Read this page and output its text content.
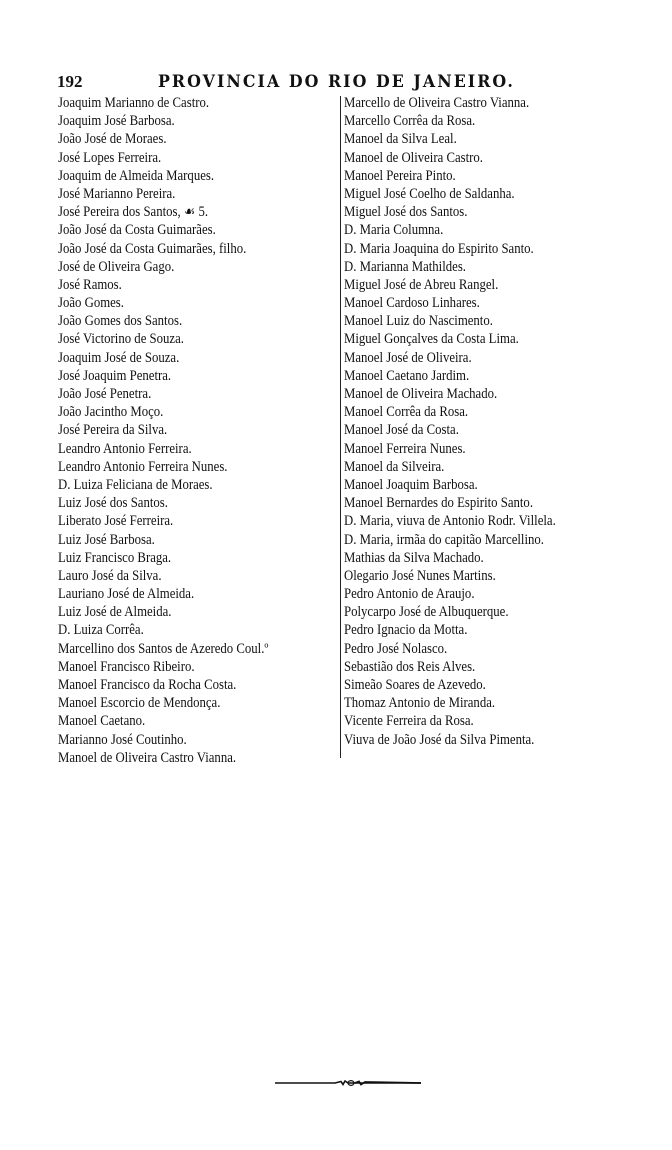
192	PROVINCIA DO RIO DE JANEIRO.
Joaquim Marianno de Castro.
Joaquim José Barbosa.
João José de Moraes.
José Lopes Ferreira.
Joaquim de Almeida Marques.
José Marianno Pereira.
José Pereira dos Santos, ☙ 5.
João José da Costa Guimarães.
João José da Costa Guimarães, filho.
José de Oliveira Gago.
José Ramos.
João Gomes.
João Gomes dos Santos.
José Victorino de Souza.
Joaquim José de Souza.
José Joaquim Penetra.
João José Penetra.
João Jacintho Moço.
José Pereira da Silva.
Leandro Antonio Ferreira.
Leandro Antonio Ferreira Nunes.
D. Luiza Feliciana de Moraes.
Luiz José dos Santos.
Liberato José Ferreira.
Luiz José Barbosa.
Luiz Francisco Braga.
Lauro José da Silva.
Lauriano José de Almeida.
Luiz José de Almeida.
D. Luiza Corrêa.
Marcellino dos Santos de Azeredo Coul.º
Manoel Francisco Ribeiro.
Manoel Francisco da Rocha Costa.
Manoel Escorcio de Mendonça.
Manoel Caetano.
Marianno José Coutinho.
Manoel de Oliveira Castro Vianna.
Marcello de Oliveira Castro Vianna.
Marcello Corrêa da Rosa.
Manoel da Silva Leal.
Manoel de Oliveira Castro.
Manoel Pereira Pinto.
Miguel José Coelho de Saldanha.
Miguel José dos Santos.
D. Maria Columna.
D. Maria Joaquina do Espirito Santo.
D. Marianna Mathildes.
Miguel José de Abreu Rangel.
Manoel Cardoso Linhares.
Manoel Luiz do Nascimento.
Miguel Gonçalves da Costa Lima.
Manoel José de Oliveira.
Manoel Caetano Jardim.
Manoel de Oliveira Machado.
Manoel Corrêa da Rosa.
Manoel José da Costa.
Manoel Ferreira Nunes.
Manoel da Silveira.
Manoel Joaquim Barbosa.
Manoel Bernardes do Espirito Santo.
D. Maria, viuva de Antonio Rodr. Villela.
D. Maria, irmãa do capitão Marcellino.
Mathias da Silva Machado.
Olegario José Nunes Martins.
Pedro Antonio de Araujo.
Polycarpo José de Albuquerque.
Pedro Ignacio da Motta.
Pedro José Nolasco.
Sebastião dos Reis Alves.
Simeão Soares de Azevedo.
Thomaz Antonio de Miranda.
Vicente Ferreira da Rosa.
Viuva de João José da Silva Pimenta.
